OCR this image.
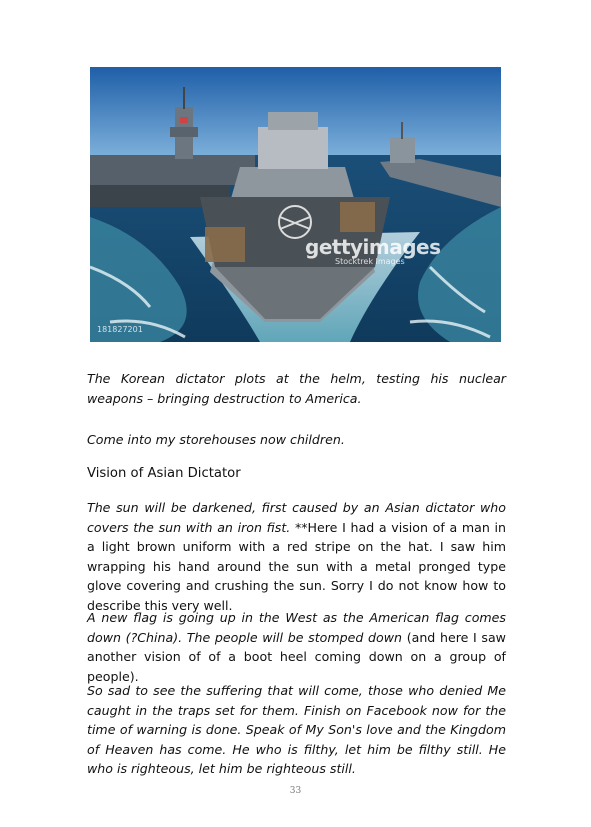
gettyimages
Stocktrek Images
181827201

The Korean dictator plots at the helm, testing his nuclear weapons – bringing destruction to America.

Come into my storehouses now children.

Vision of Asian Dictator

The sun will be darkened, first caused by an Asian dictator who covers the sun with an iron fist. **Here I had a vision of a man in a light brown uniform with a red stripe on the hat. I saw him wrapping his hand around the sun with a metal pronged type glove covering and crushing the sun. Sorry I do not know how to describe this very well.

A new flag is going up in the West as the American flag comes down (?China). The people will be stomped down (and here I saw another vision of of a boot heel coming down on a group of people).

So sad to see the suffering that will come, those who denied Me caught in the traps set for them. Finish on Facebook now for the time of warning is done. Speak of My Son's love and the Kingdom of Heaven has come. He who is filthy, let him be filthy still. He who is righteous, let him be righteous still.

33
